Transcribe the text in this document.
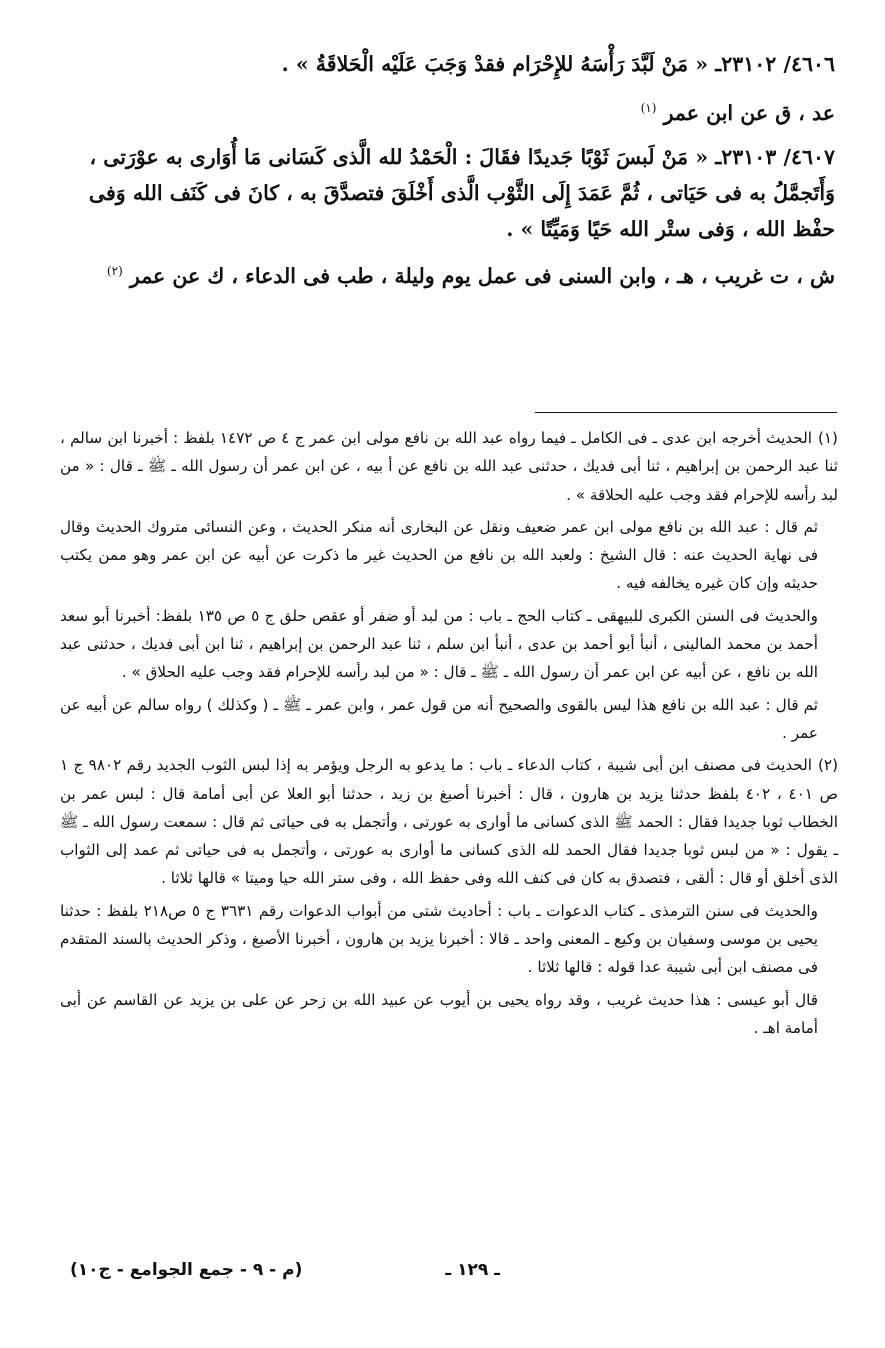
٤٦٠٦/ ٢٣١٠٢ـ « مَنْ لَبَّدَ رَأْسَهُ للإِحْرَام فقدْ وَجَبَ عَلَيْه الْحَلاقَةُ » .

عد ، ق عن ابن عمر $^{(١)}$

٤٦٠٧/ ٢٣١٠٣ـ « مَنْ لَبسَ ثَوْبًا جَديدًا فقَالَ : الْحَمْدُ لله الَّذى كَسَانى مَا أُوَارى به عوْرَتى ، وَأَتَجمَّلُ به فى حَيَاتى ، ثُمَّ عَمَدَ إِلَى الثَّوْب الَّذى أَخْلَقَ فتصدَّقَ به ، كانَ فى كَنَف الله وَفى حفْظ الله ، وَفى ستْر الله حَيًا وَمَيِّتًا » .

ش ، ت غريب ، هـ ، وابن السنى فى عمل يوم وليلة ، طب فى الدعاء ، ك عن عمر $^{(٢)}$

(١)الحديث أخرجه ابن عدى ـ فى الكامل ـ فيما رواه عبد الله بن نافع مولى ابن عمر ج ٤ ص ١٤٧٢ بلفظ : أخبرنا ابن سالم ، ثنا عبد الرحمن بن إبراهيم ، ثنا أبى فديك ، حدثنى عبد الله بن نافع عن أ بيه ، عن ابن عمر أن رسول الله ـ ﷺ ـ قال : « من لبد رأسه للإحرام فقد وجب عليه الحلاقة » .

ثم قال : عبد الله بن نافع مولى ابن عمر ضعيف ونقل عن البخارى أنه منكر الحديث ، وعن النسائى متروك الحديث وقال فى نهاية الحديث عنه : قال الشيخ : ولعبد الله بن نافع من الحديث غير ما ذكرت عن أبيه عن ابن عمر وهو ممن يكتب حديثه وإن كان غيره يخالفه فيه .

والحديث فى السنن الكبرى للبيهقى ـ كتاب الحج ـ باب : من لبد أو ضفر أو عقص حلق ج ٥ ص ١٣٥ بلفظ: أخبرنا أبو سعد أحمد بن محمد المالينى ، أنبأ أبو أحمد بن عدى ، أنبأ ابن سلم ، ثنا عبد الرحمن بن إبراهيم ، ثنا ابن أبى فديك ، حدثنى عبد الله بن نافع ، عن أبيه عن ابن عمر أن رسول الله ـ ﷺ ـ قال : « من لبد رأسه للإحرام فقد وجب عليه الحلاق » .

ثم قال : عبد الله بن نافع هذا ليس بالقوى والصحيح أنه من قول عمر ، وابن عمر ـ ﷺ ـ ( وكذلك ) رواه سالم عن أبيه عن عمر .

(٢)الحديث فى مصنف ابن أبى شيبة ، كتاب الدعاء ـ باب : ما يدعو به الرجل ويؤمر به إذا لبس الثوب الجديد رقم ٩٨٠٢ ج ١ ص ٤٠١ ، ٤٠٢ بلفظ حدثنا يزيد بن هارون ، قال : أخبرنا أصبغ بن زيد ، حدثنا أبو العلا عن أبى أمامة قال : لبس عمر بن الخطاب ثوبا جديدا فقال : الحمد ﷺ الذى كسانى ما أوارى به عورتى ، وأتجمل به فى حياتى ثم قال : سمعت رسول الله ـ ﷺ ـ يقول : « من لبس ثوبا جديدا فقال الحمد لله الذى كسانى ما أوارى به عورتى ، وأتجمل به فى حياتى ثم عمد إلى الثواب الذى أخلق أو قال : ألقى ، فتصدق به كان فى كنف الله وفى حفظ الله ، وفى ستر الله حيا وميتا » قالها ثلاثا .

والحديث فى سنن الترمذى ـ كتاب الدعوات ـ باب : أحاديث شتى من أبواب الدعوات رقم ٣٦٣١ ج ٥ ص٢١٨ بلفظ : حدثنا يحيى بن موسى وسفيان بن وكيع ـ المعنى واحد ـ قالا : أخبرنا يزيد بن هارون ، أخبرنا الأصبغ ، وذكر الحديث بالسند المتقدم فى مصنف ابن أبى شيبة عدا قوله : قالها ثلاثا .

قال أبو عيسى : هذا حديث غريب ، وقد رواه يحيى بن أيوب عن عبيد الله بن زحر عن على بن يزيد عن القاسم عن أبى أمامة اهـ .

ـ ١٢٩ ـ
(م - ٩ - جمع الجوامع - ج١٠)
